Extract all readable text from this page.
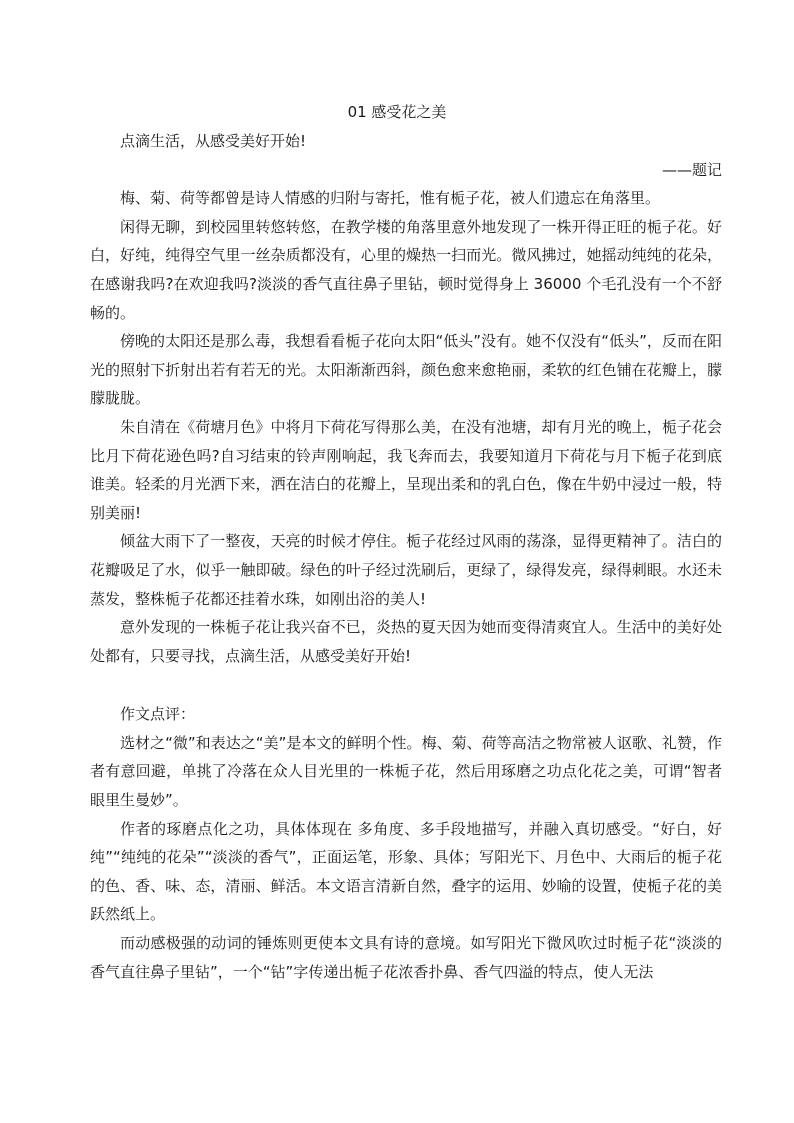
01 感受花之美

点滴生活，从感受美好开始!

——题记

梅、菊、荷等都曾是诗人情感的归附与寄托，惟有栀子花，被人们遗忘在角落里。

闲得无聊，到校园里转悠转悠，在教学楼的角落里意外地发现了一株开得正旺的栀子花。好白，好纯，纯得空气里一丝杂质都没有，心里的燥热一扫而光。微风拂过，她摇动纯纯的花朵，在感谢我吗?在欢迎我吗?淡淡的香气直往鼻子里钻，顿时觉得身上 36000 个毛孔没有一个不舒畅的。

傍晚的太阳还是那么毒，我想看看栀子花向太阳“低头”没有。她不仅没有“低头”，反而在阳光的照射下折射出若有若无的光。太阳渐渐西斜，颜色愈来愈艳丽，柔软的红色铺在花瓣上，朦朦胧胧。

朱自清在《荷塘月色》中将月下荷花写得那么美，在没有池塘，却有月光的晚上，栀子花会比月下荷花逊色吗?自习结束的铃声刚响起，我飞奔而去，我要知道月下荷花与月下栀子花到底谁美。轻柔的月光洒下来，洒在洁白的花瓣上，呈现出柔和的乳白色，像在牛奶中浸过一般，特别美丽!

倾盆大雨下了一整夜，天亮的时候才停住。栀子花经过风雨的荡涤，显得更精神了。洁白的花瓣吸足了水，似乎一触即破。绿色的叶子经过洗刷后，更绿了，绿得发亮，绿得刺眼。水还未蒸发，整株栀子花都还挂着水珠，如刚出浴的美人!

意外发现的一株栀子花让我兴奋不已，炎热的夏天因为她而变得清爽宜人。生活中的美好处处都有，只要寻找，点滴生活，从感受美好开始!

作文点评：

选材之“微”和表达之“美”是本文的鲜明个性。梅、菊、荷等高洁之物常被人讴歌、礼赞，作者有意回避，单挑了冷落在众人目光里的一株栀子花，然后用琢磨之功点化花之美，可谓“智者眼里生曼妙”。

作者的琢磨点化之功，具体体现在 多角度、多手段地描写，并融入真切感受。“好白，好纯”“纯纯的花朵”“淡淡的香气”，正面运笔，形象、具体；写阳光下、月色中、大雨后的栀子花的色、香、味、态，清丽、鲜活。本文语言清新自然，叠字的运用、妙喻的设置，使栀子花的美跃然纸上。

而动感极强的动词的锤炼则更使本文具有诗的意境。如写阳光下微风吹过时栀子花“淡淡的香气直往鼻子里钻”，一个“钻”字传递出栀子花浓香扑鼻、香气四溢的特点，使人无法
